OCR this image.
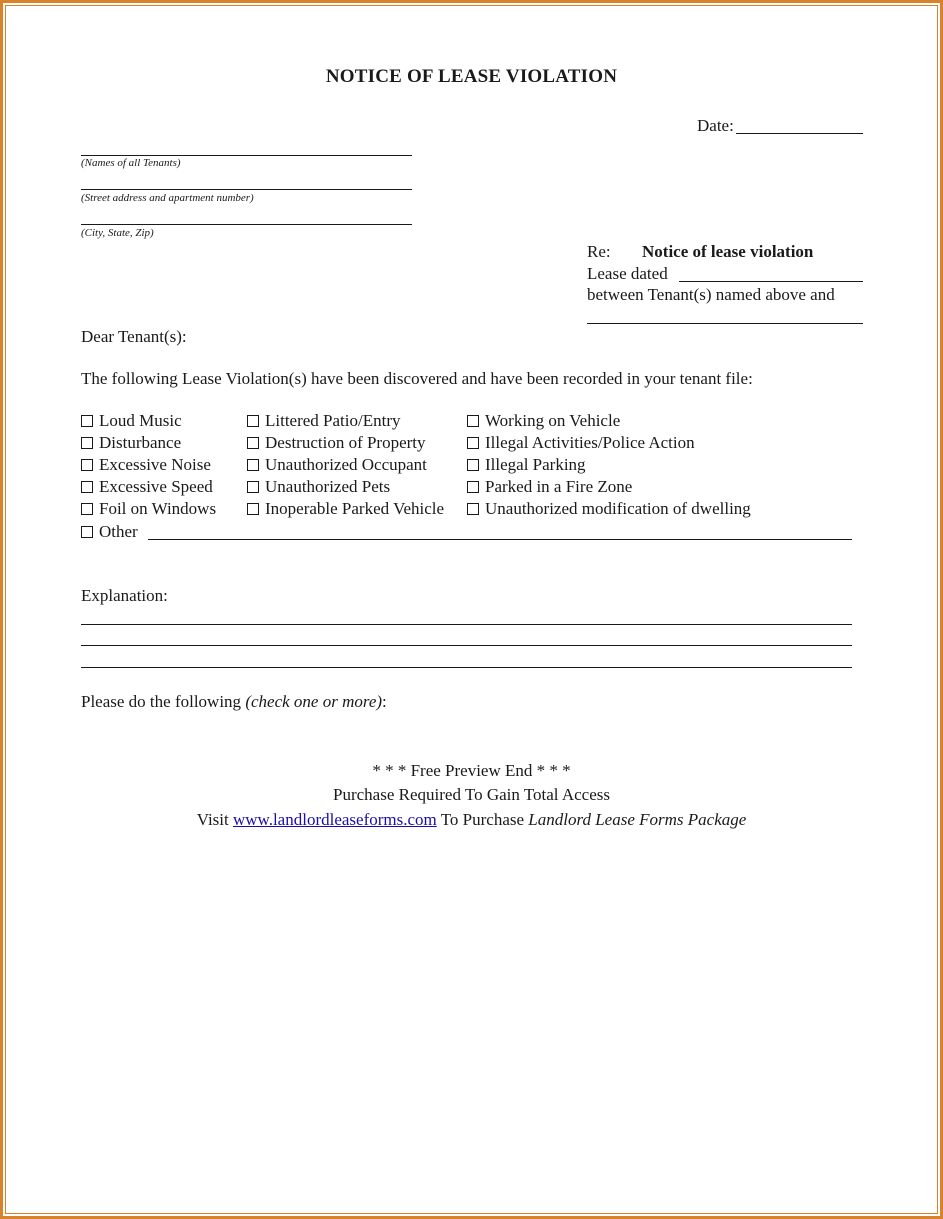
NOTICE OF LEASE VIOLATION
Date:
(Names of all Tenants)
(Street address and apartment number)
(City, State, Zip)
Re: Notice of lease violation
Lease dated
between Tenant(s) named above and
Dear Tenant(s):
The following Lease Violation(s) have been discovered and have been recorded in your tenant file:
Loud Music
Disturbance
Excessive Noise
Excessive Speed
Foil on Windows
Littered Patio/Entry
Destruction of Property
Unauthorized Occupant
Unauthorized Pets
Inoperable Parked Vehicle
Working on Vehicle
Illegal Activities/Police Action
Illegal Parking
Parked in a Fire Zone
Unauthorized modification of dwelling
Other
Explanation:
Please do the following (check one or more):
* * * Free Preview End * * *
Purchase Required To Gain Total Access
Visit www.landlordleaseforms.com To Purchase Landlord Lease Forms Package
